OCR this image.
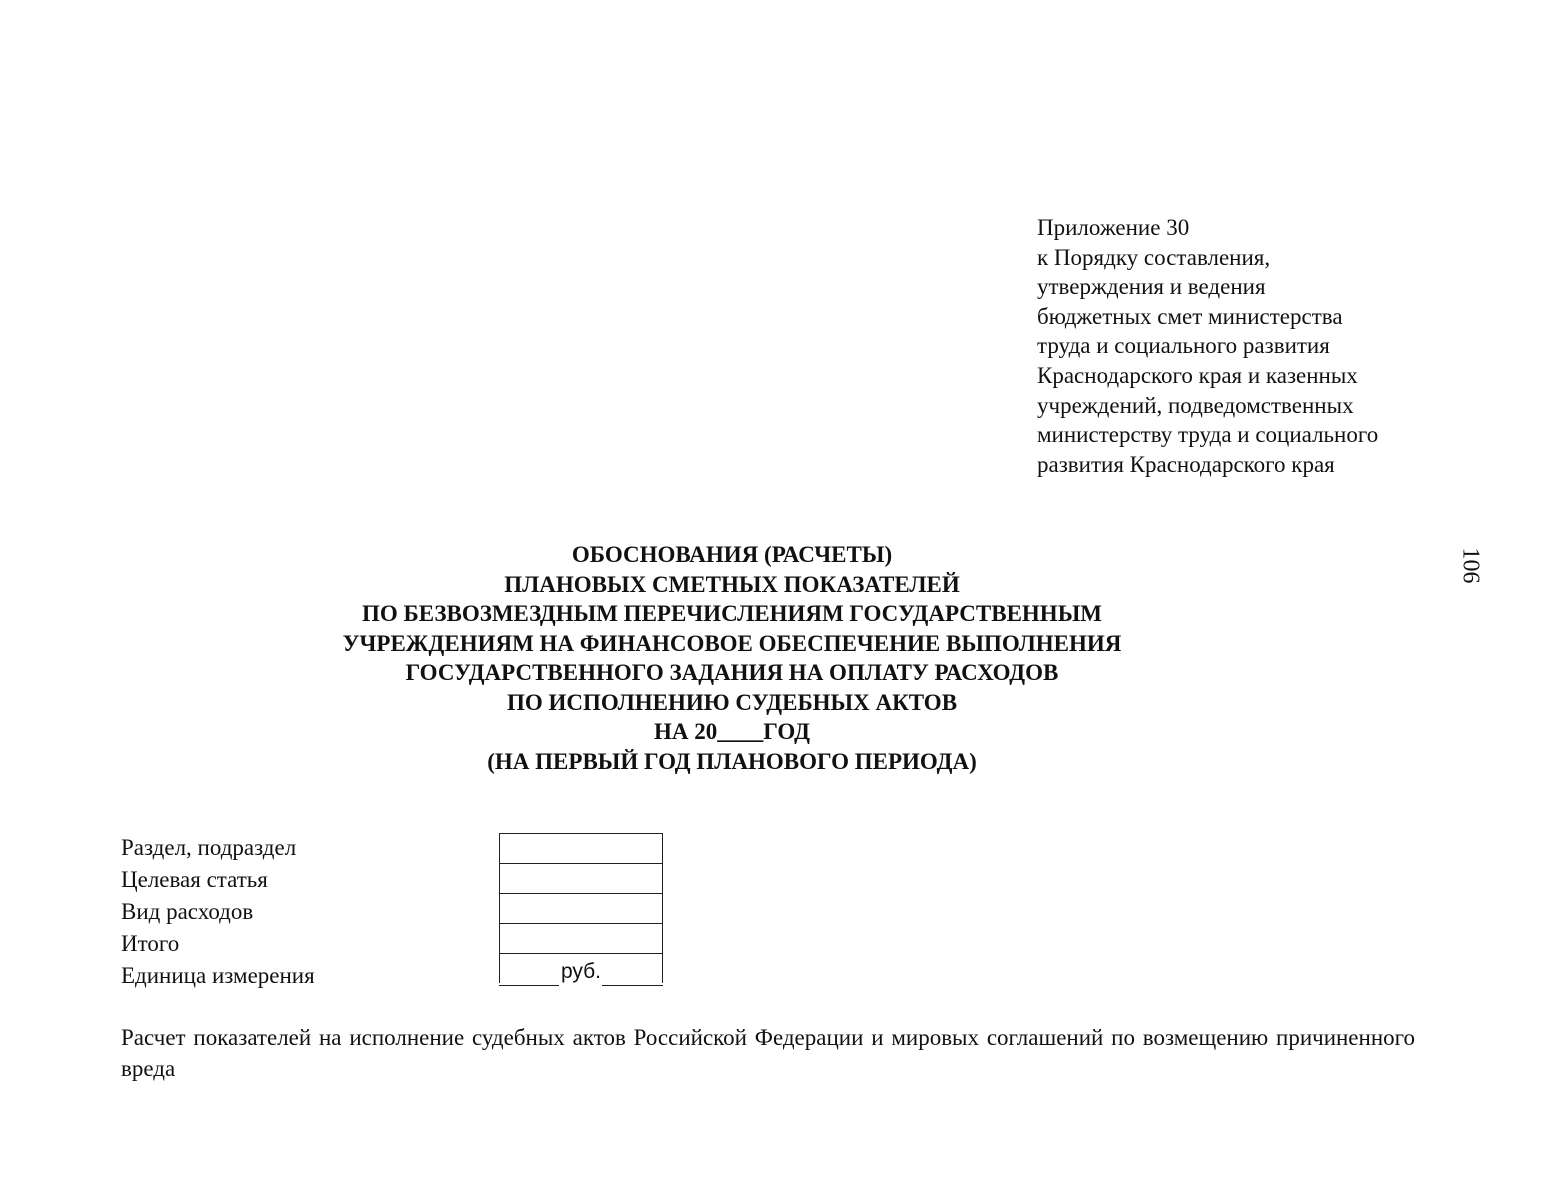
Приложение 30
к Порядку составления,
утверждения и ведения
бюджетных смет министерства
труда и социального развития
Краснодарского края и казенных
учреждений, подведомственных
министерству труда и социального
развития Краснодарского края
106
ОБОСНОВАНИЯ (РАСЧЕТЫ)
ПЛАНОВЫХ СМЕТНЫХ ПОКАЗАТЕЛЕЙ
ПО БЕЗВОЗМЕЗДНЫМ ПЕРЕЧИСЛЕНИЯМ ГОСУДАРСТВЕННЫМ
УЧРЕЖДЕНИЯМ НА ФИНАНСОВОЕ ОБЕСПЕЧЕНИЕ ВЫПОЛНЕНИЯ
ГОСУДАРСТВЕННОГО ЗАДАНИЯ НА ОПЛАТУ РАСХОДОВ
ПО ИСПОЛНЕНИЮ СУДЕБНЫХ АКТОВ
НА 20____ГОД
(НА ПЕРВЫЙ ГОД ПЛАНОВОГО ПЕРИОДА)
Раздел, подраздел
Целевая статья
Вид расходов
Итого
Единица измерения	руб.
Расчет показателей на исполнение судебных актов Российской Федерации и мировых соглашений по возмещению причиненного вреда
